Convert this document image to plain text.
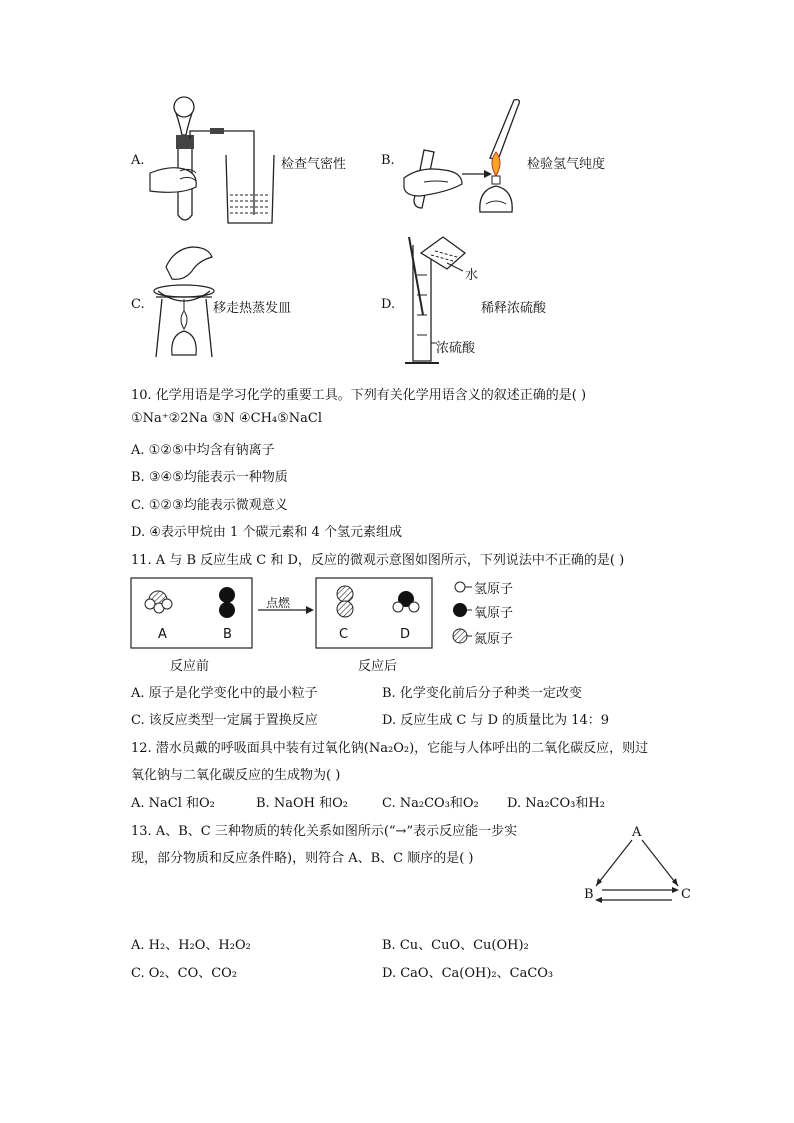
A.	检查气密性	B.	检验氢气纯度
C.	移走热蒸发皿	D.
水
浓硫酸
稀释浓硫酸
10. 化学用语是学习化学的重要工具。下列有关化学用语含义的叙述正确的是( )
①Na⁺②2Na ③N ④CH₄⑤NaCl
A. ①②⑤中均含有钠离子
B. ③④⑤均能表示一种物质
C. ①②③均能表示微观意义
D. ④表示甲烷由 1 个碳元素和 4 个氢元素组成
11. A 与 B 反应生成 C 和 D，反应的微观示意图如图所示，下列说法中不正确的是( )
A	B	C	D
点燃
氢原子
氧原子
氮原子
反应前	反应后
A. 原子是化学变化中的最小粒子	B. 化学变化前后分子种类一定改变
C. 该反应类型一定属于置换反应	D. 反应生成 C 与 D 的质量比为 14：9
12. 潜水员戴的呼吸面具中装有过氧化钠(Na₂O₂)，它能与人体呼出的二氧化碳反应，则过
氧化钠与二氧化碳反应的生成物为( )
A. NaCl 和O₂	B. NaOH 和O₂	C. Na₂CO₃和O₂ D. Na₂CO₃和H₂
13. A、B、C 三种物质的转化关系如图所示(“→”表示反应能一步实
现，部分物质和反应条件略)，则符合 A、B、C 顺序的是( )
A
B	C
A. H₂、H₂O、H₂O₂	B. Cu、CuO、Cu(OH)₂
C. O₂、CO、CO₂	D. CaO、Ca(OH)₂、CaCO₃
